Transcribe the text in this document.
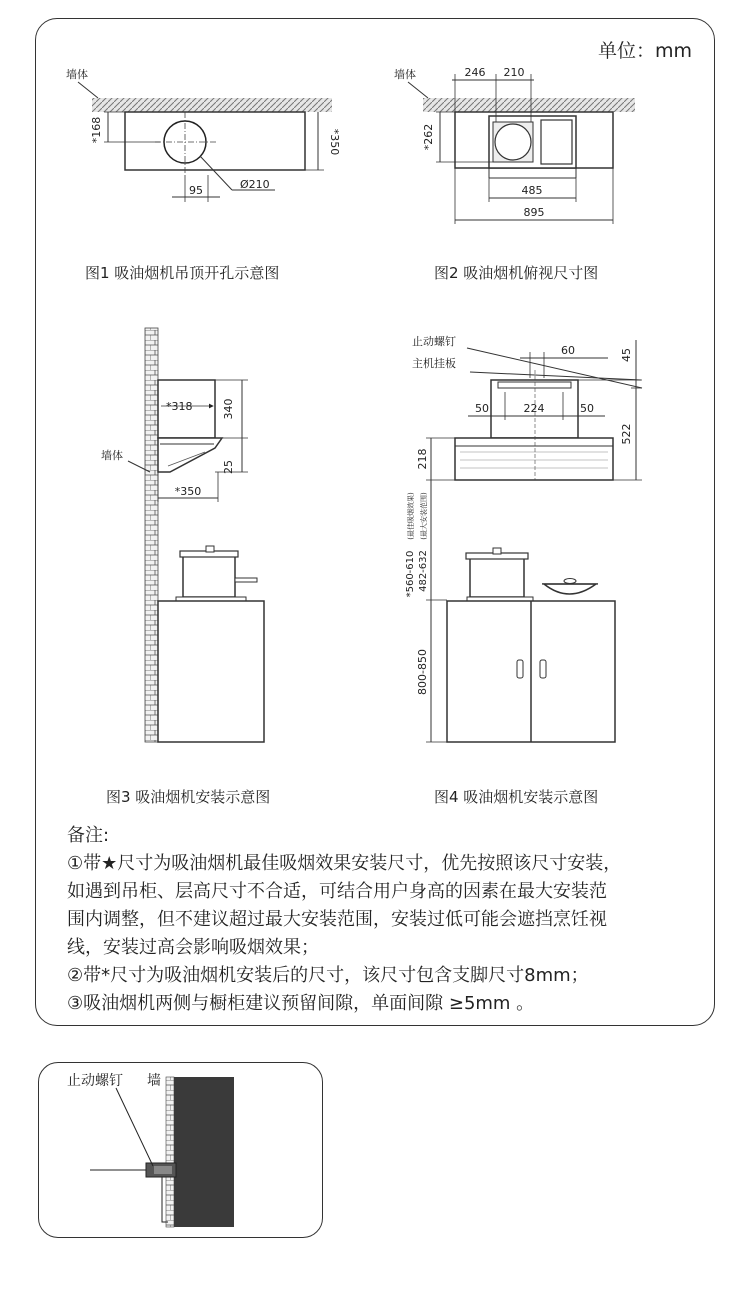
墙体
*168	*350
95	Ø210
墙体	246 210
*262
485
895
*318	340
25
墙体
*350
止动螺钉
主机挂板
60	45
50	224	50
522
218
*560-610
(最佳吸烟效果)
482-632
(最大安装范围)
800-850
止动螺钉 墙
单位：mm
图1 吸油烟机吊顶开孔示意图	图2 吸油烟机俯视尺寸图
图3 吸油烟机安装示意图	图4 吸油烟机安装示意图

备注:

①带★尺寸为吸油烟机最佳吸烟效果安装尺寸，优先按照该尺寸安装，

如遇到吊柜、层高尺寸不合适，可结合用户身高的因素在最大安装范

围内调整，但不建议超过最大安装范围，安装过低可能会遮挡烹饪视

线，安装过高会影响吸烟效果；

②带*尺寸为吸油烟机安装后的尺寸，该尺寸包含支脚尺寸8mm；

③吸油烟机两侧与橱柜建议预留间隙，单面间隙 ≥5mm 。
